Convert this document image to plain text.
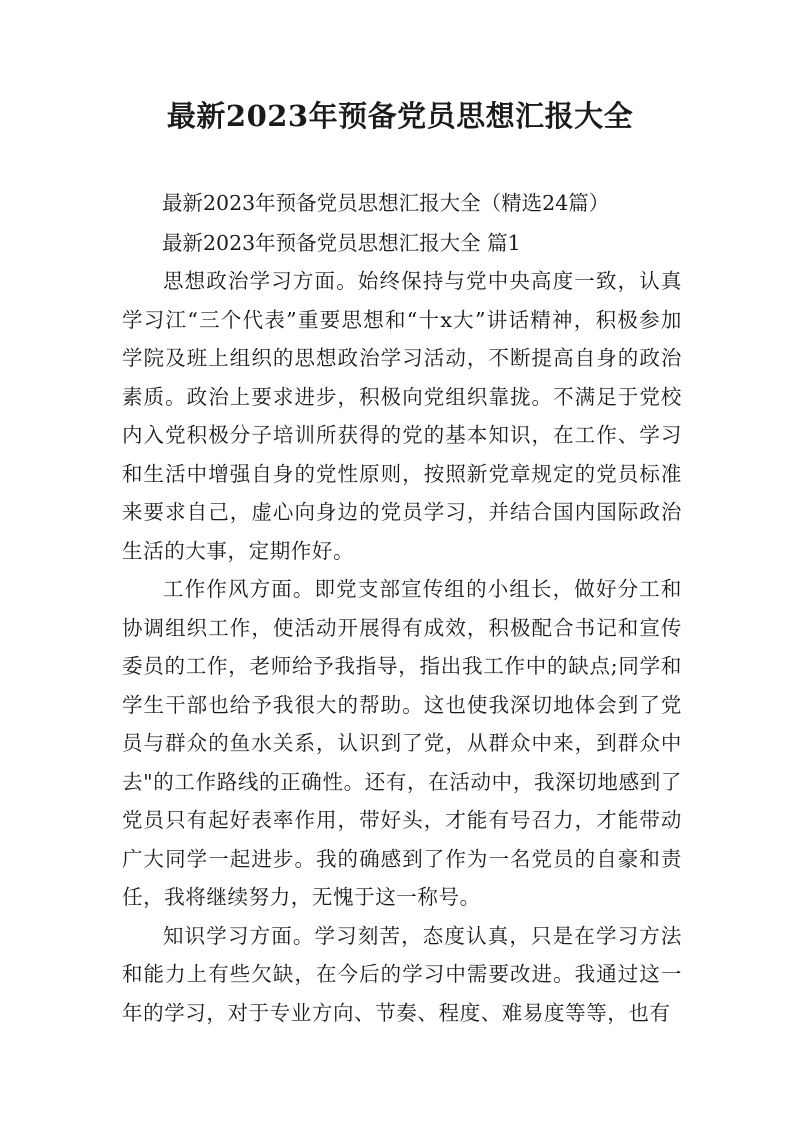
最新2023年预备党员思想汇报大全
最新2023年预备党员思想汇报大全（精选24篇）
最新2023年预备党员思想汇报大全 篇1

思想政治学习方面。始终保持与党中央高度一致，认真学习江“三个代表”重要思想和“十x大”讲话精神，积极参加学院及班上组织的思想政治学习活动，不断提高自身的政治素质。政治上要求进步，积极向党组织靠拢。不满足于党校内入党积极分子培训所获得的党的基本知识，在工作、学习和生活中增强自身的党性原则，按照新党章规定的党员标准来要求自己，虚心向身边的党员学习，并结合国内国际政治生活的大事，定期作好。

工作作风方面。即党支部宣传组的小组长，做好分工和协调组织工作，使活动开展得有成效，积极配合书记和宣传委员的工作，老师给予我指导，指出我工作中的缺点;同学和学生干部也给予我很大的帮助。这也使我深切地体会到了党员与群众的鱼水关系，认识到了党，从群众中来，到群众中去"的工作路线的正确性。还有，在活动中，我深切地感到了党员只有起好表率作用，带好头，才能有号召力，才能带动广大同学一起进步。我的确感到了作为一名党员的自豪和责任，我将继续努力，无愧于这一称号。

知识学习方面。学习刻苦，态度认真，只是在学习方法和能力上有些欠缺，在今后的学习中需要改进。我通过这一年的学习，对于专业方向、节奏、程度、难易度等等，也有
